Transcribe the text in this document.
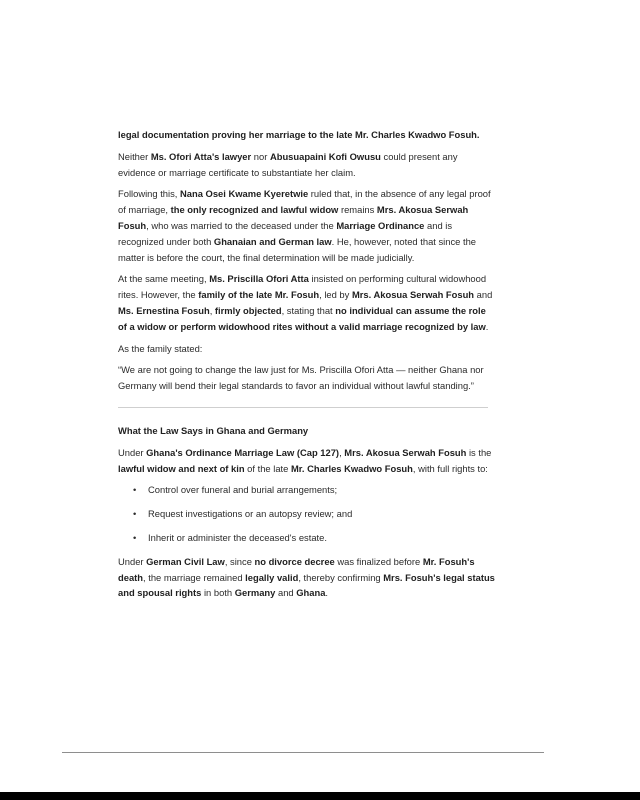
legal documentation proving her marriage to the late Mr. Charles Kwadwo Fosuh.

Neither Ms. Ofori Atta's lawyer nor Abusuapaini Kofi Owusu could present any evidence or marriage certificate to substantiate her claim.

Following this, Nana Osei Kwame Kyeretwie ruled that, in the absence of any legal proof of marriage, the only recognized and lawful widow remains Mrs. Akosua Serwah Fosuh, who was married to the deceased under the Marriage Ordinance and is recognized under both Ghanaian and German law. He, however, noted that since the matter is before the court, the final determination will be made judicially.

At the same meeting, Ms. Priscilla Ofori Atta insisted on performing cultural widowhood rites. However, the family of the late Mr. Fosuh, led by Mrs. Akosua Serwah Fosuh and Ms. Ernestina Fosuh, firmly objected, stating that no individual can assume the role of a widow or perform widowhood rites without a valid marriage recognized by law.

As the family stated:

“We are not going to change the law just for Ms. Priscilla Ofori Atta — neither Ghana nor Germany will bend their legal standards to favor an individual without lawful standing.”

What the Law Says in Ghana and Germany

Under Ghana's Ordinance Marriage Law (Cap 127), Mrs. Akosua Serwah Fosuh is the lawful widow and next of kin of the late Mr. Charles Kwadwo Fosuh, with full rights to:

• Control over funeral and burial arrangements;
• Request investigations or an autopsy review; and
• Inherit or administer the deceased's estate.

Under German Civil Law, since no divorce decree was finalized before Mr. Fosuh's death, the marriage remained legally valid, thereby confirming Mrs. Fosuh's legal status and spousal rights in both Germany and Ghana.
